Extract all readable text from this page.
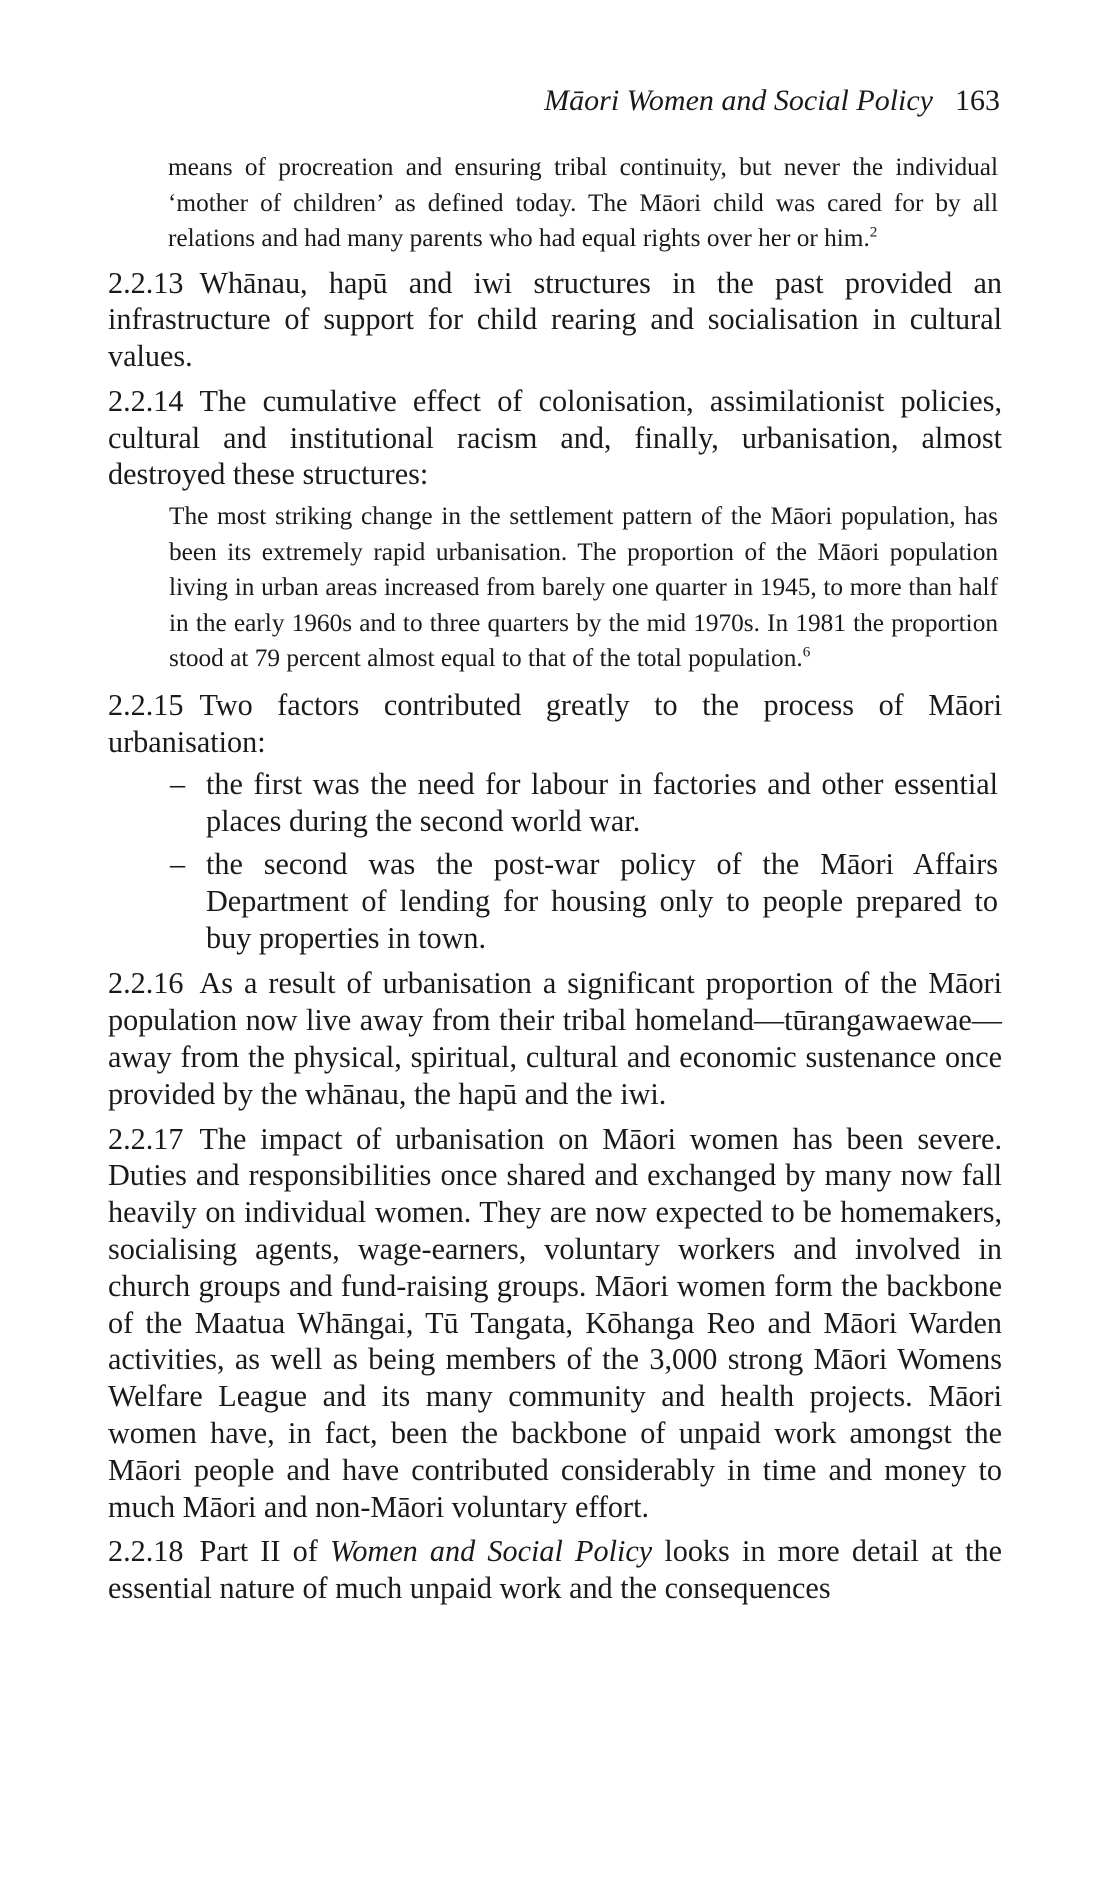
Māori Women and Social Policy 163
means of procreation and ensuring tribal continuity, but never the individual ‘mother of children’ as defined today. The Māori child was cared for by all relations and had many parents who had equal rights over her or him.$^2$

2.2.13 Whānau, hapū and iwi structures in the past provided an infrastructure of support for child rearing and socialisation in cultural values.

2.2.14 The cumulative effect of colonisation, assimilationist policies, cultural and institutional racism and, finally, urbanisation, almost destroyed these structures:

The most striking change in the settlement pattern of the Māori population, has been its extremely rapid urbanisation. The proportion of the Māori population living in urban areas increased from barely one quarter in 1945, to more than half in the early 1960s and to three quarters by the mid 1970s. In 1981 the proportion stood at 79 percent almost equal to that of the total population.$^6$

2.2.15 Two factors contributed greatly to the process of Māori urbanisation:

– the first was the need for labour in factories and other essential places during the second world war.
– the second was the post-war policy of the Māori Affairs Department of lending for housing only to people prepared to buy properties in town.

2.2.16 As a result of urbanisation a significant proportion of the Māori population now live away from their tribal homeland—tūrangawaewae—away from the physical, spiritual, cultural and economic sustenance once provided by the whānau, the hapū and the iwi.

2.2.17 The impact of urbanisation on Māori women has been severe. Duties and responsibilities once shared and exchanged by many now fall heavily on individual women. They are now expected to be homemakers, socialising agents, wage-earners, voluntary workers and involved in church groups and fund-raising groups. Māori women form the backbone of the Maatua Whāngai, Tū Tangata, Kōhanga Reo and Māori Warden activities, as well as being members of the 3,000 strong Māori Womens Welfare League and its many community and health projects. Māori women have, in fact, been the backbone of unpaid work amongst the Māori people and have contributed considerably in time and money to much Māori and non-Māori voluntary effort.

2.2.18 Part II of Women and Social Policy looks in more detail at the essential nature of much unpaid work and the consequences
